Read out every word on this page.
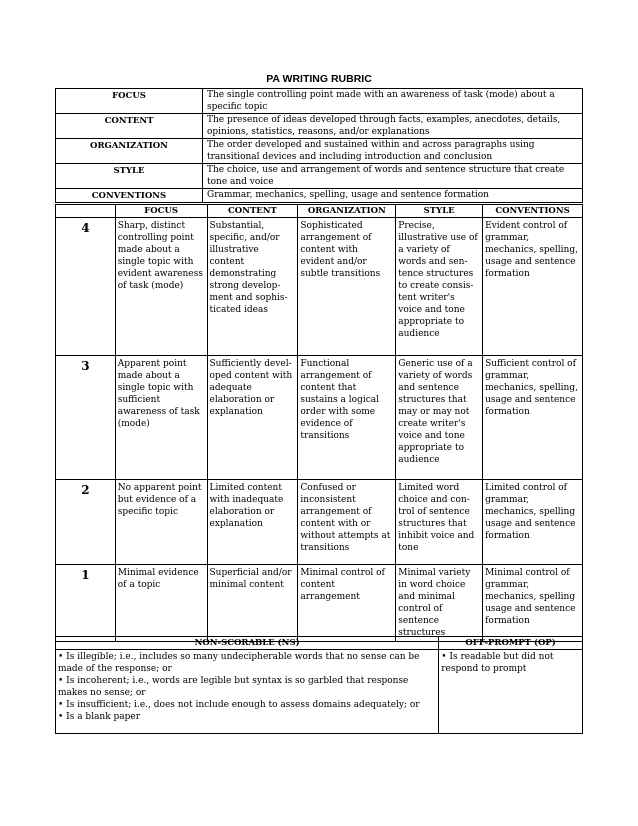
PA WRITING RUBRIC
FOCUS	The single controlling point made with an awareness of task (mode) about a specific topic
CONTENT	The presence of ideas developed through facts, examples, anecdotes, details, opinions, statistics, reasons, and/or explanations
ORGANIZATION	The order developed and sustained within and across paragraphs using transitional devices and including introduction and conclusion
STYLE	The choice, use and arrangement of words and sentence structure that create tone and voice
CONVENTIONS	Grammar, mechanics, spelling, usage and sentence formation
	FOCUS	CONTENT	ORGANIZATION	STYLE	CONVENTIONS
4	Sharp, distinct controlling point made about a single topic with evident awareness of task (mode)	Substantial, specific, and/or illustrative content demonstrating strong develop-ment and sophis-ticated ideas	Sophisticated arrangement of content with evident and/or subtle transitions	Precise, illustrative use of a variety of words and sen-tence structures to create consis-tent writer's voice and tone appropriate to audience	Evident control of grammar, mechanics, spelling, usage and sentence formation
3	Apparent point made about a single topic with sufficient awareness of task (mode)	Sufficiently devel-oped content with adequate elaboration or explanation	Functional arrangement of content that sustains a logical order with some evidence of transitions	Generic use of a variety of words and sentence structures that may or may not create writer's voice and tone appropriate to audience	Sufficient control of grammar, mechanics, spelling, usage and sentence formation
2	No apparent point but evidence of a specific topic	Limited content with inadequate elaboration or explanation	Confused or inconsistent arrangement of content with or without attempts at transitions	Limited word choice and con-trol of sentence structures that inhibit voice and tone	Limited control of grammar, mechanics, spelling usage and sentence formation
1	Minimal evidence of a topic	Superficial and/or minimal content	Minimal control of content arrangement	Minimal variety in word choice and minimal control of sentence structures	Minimal control of grammar, mechanics, spelling usage and sentence formation
NON-SCORABLE (NS)	OFF-PROMPT (OP)

• Is illegible; i.e., includes so many undecipherable words that no sense can be made of the response; or
• Is incoherent; i.e., words are legible but syntax is so garbled that response makes no sense; or
• Is insufficient; i.e., does not include enough to assess domains adequately; or
• Is a blank paper	• Is readable but did not respond to prompt
